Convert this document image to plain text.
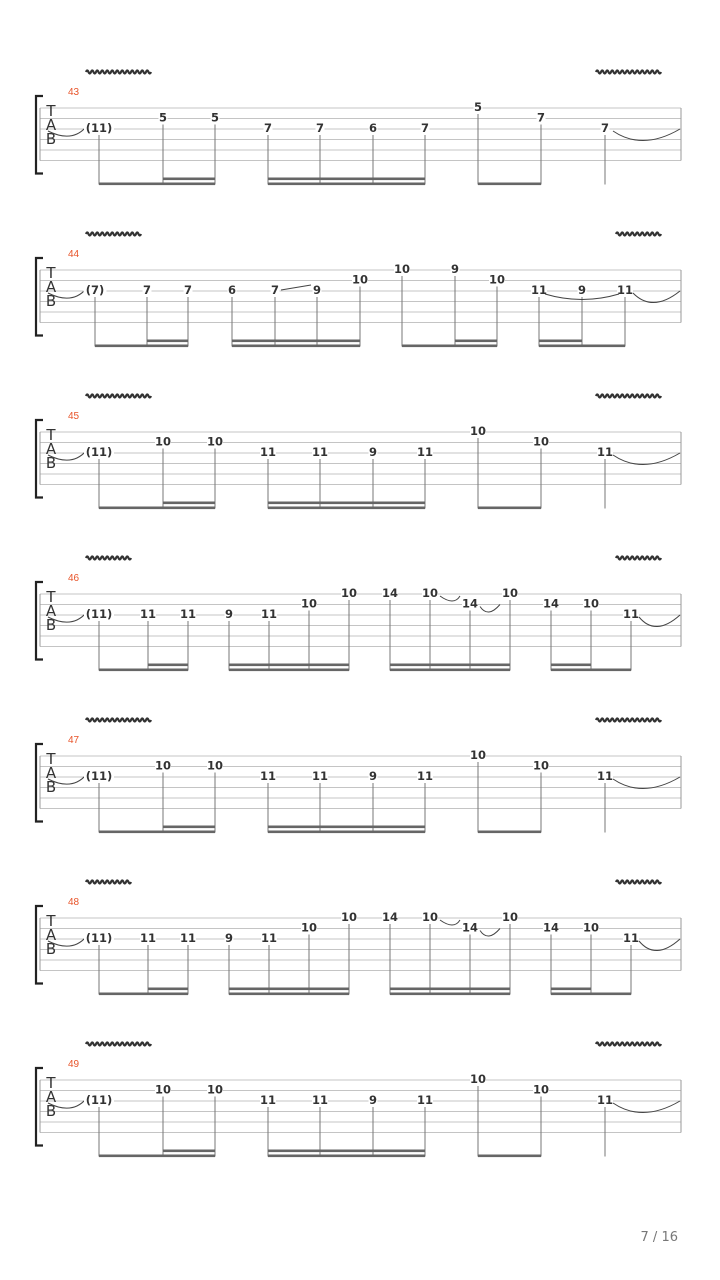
T
A
B
43
(11)
5	5
7	7	6	7
5
7
7
T
A
B
44
(7)	7	7	6	7	9
10
10	9
10
11	9	11
T
A
B
45
(11)
10	10
11	11	9	11
10
10
11
T
A
B
46
(11) 11 11	9 11
10
10 14 10
14
10
14 10
11
T
A
B
47
(11)
10	10
11	11	9	11
10
10
11
T
A
B
48
(11) 11 11	9 11
10
10 14 10
14
10
14 10
11
T
A
B
49
(11)
10	10
11	11	9	11
10
10
11
7 / 16
